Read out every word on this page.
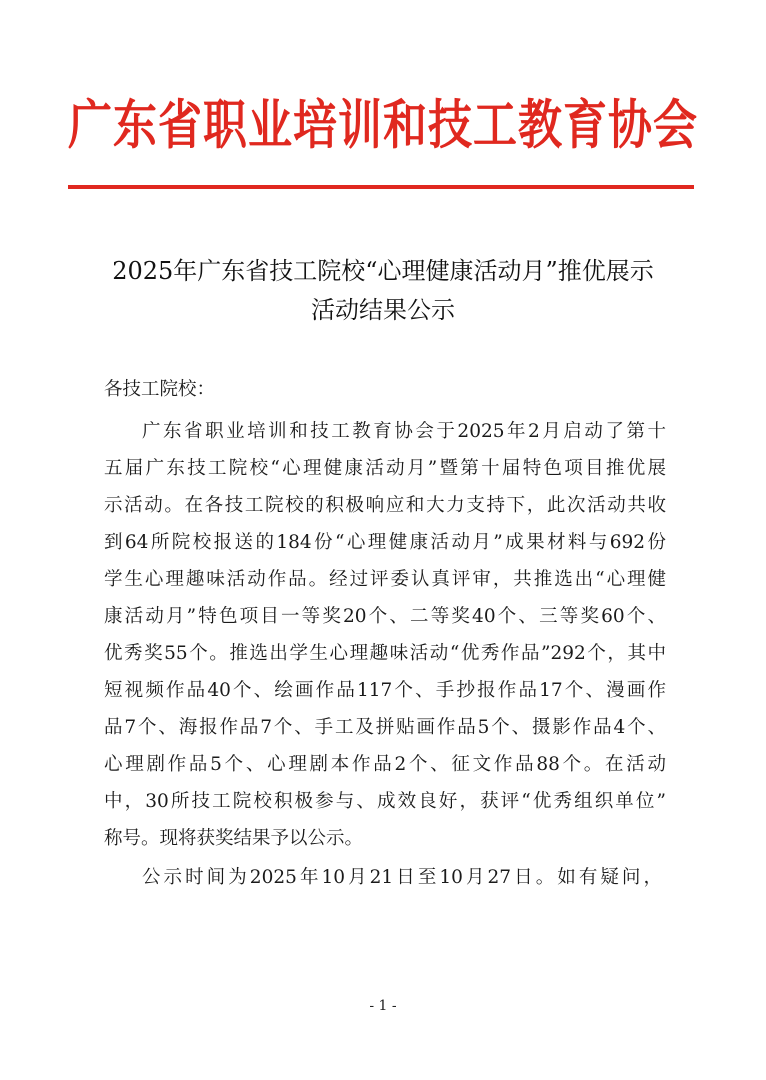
广东省职业培训和技工教育协会
2025年广东省技工院校“心理健康活动月”推优展示
活动结果公示
各技工院校：
广东省职业培训和技工教育协会于2025年2月启动了第十
五届广东技工院校“心理健康活动月”暨第十届特色项目推优展
示活动。在各技工院校的积极响应和大力支持下，此次活动共收
到64所院校报送的184份“心理健康活动月”成果材料与692份
学生心理趣味活动作品。经过评委认真评审，共推选出“心理健
康活动月”特色项目一等奖20个、二等奖40个、三等奖60个、
优秀奖55个。推选出学生心理趣味活动“优秀作品”292个，其中
短视频作品40个、绘画作品117个、手抄报作品17个、漫画作
品7个、海报作品7个、手工及拼贴画作品5个、摄影作品4个、
心理剧作品5个、心理剧本作品2个、征文作品88个。在活动
中，30所技工院校积极参与、成效良好，获评“优秀组织单位”
称号。现将获奖结果予以公示。
公示时间为2025年10月21日至10月27日。如有疑问，
- 1 -
